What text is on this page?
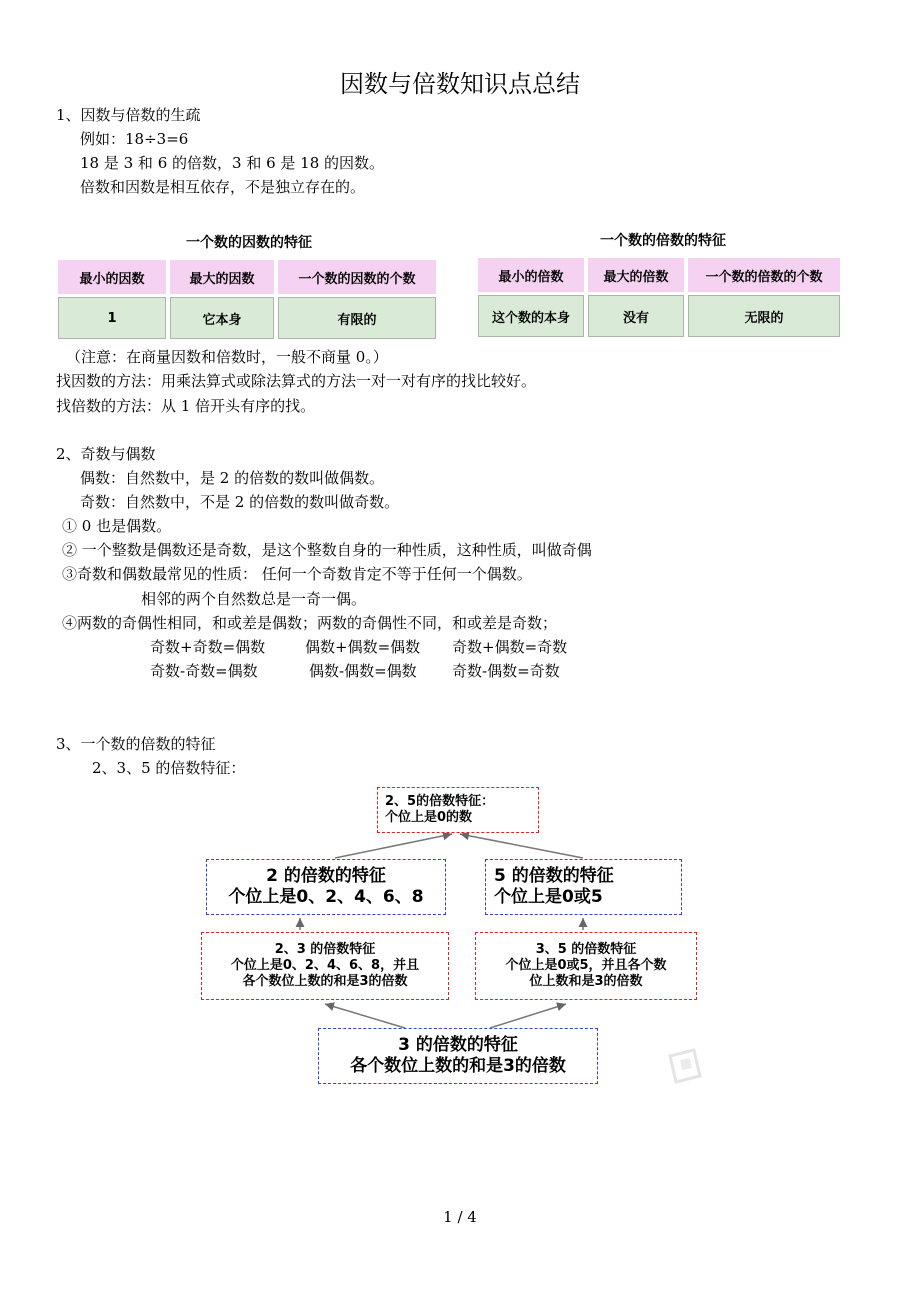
因数与倍数知识点总结
1、因数与倍数的生疏
例如：18÷3=6
18 是 3 和 6 的倍数，3 和 6 是 18 的因数。
倍数和因数是相互依存，不是独立存在的。
一个数的因数的特征
最小的因数	最大的因数	一个数的因数的个数
1	它本身	有限的
一个数的倍数的特征
最小的倍数	最大的倍数	一个数的倍数的个数
这个数的本身	没有	无限的
（注意：在商量因数和倍数时，一般不商量 0。）
找因数的方法：用乘法算式或除法算式的方法一对一对有序的找比较好。
找倍数的方法：从 1 倍开头有序的找。
2、奇数与偶数
偶数：自然数中，是 2 的倍数的数叫做偶数。
奇数：自然数中，不是 2 的倍数的数叫做奇数。
① 0 也是偶数。
② 一个整数是偶数还是奇数，是这个整数自身的一种性质，这种性质，叫做奇偶
③奇数和偶数最常见的性质： 任何一个奇数肯定不等于任何一个偶数。
相邻的两个自然数总是一奇一偶。
④两数的奇偶性相同，和或差是偶数；两数的奇偶性不同，和或差是奇数；
奇数+奇数=偶数	偶数+偶数=偶数 奇数+偶数=奇数
奇数-奇数=偶数	偶数-偶数=偶数 奇数-偶数=奇数
3、一个数的倍数的特征
2、3、5 的倍数特征：
2、5的倍数特征：
个位上是0的数
2 的倍数的特征
个位上是0、2、4、6、8
5 的倍数的特征
个位上是0或5
2、3 的倍数特征
个位上是0、2、4、6、8，并且
各个数位上数的和是3的倍数
3、5 的倍数特征
个位上是0或5，并且各个数
位上数和是3的倍数
3 的倍数的特征
各个数位上数的和是3的倍数
1 / 4
